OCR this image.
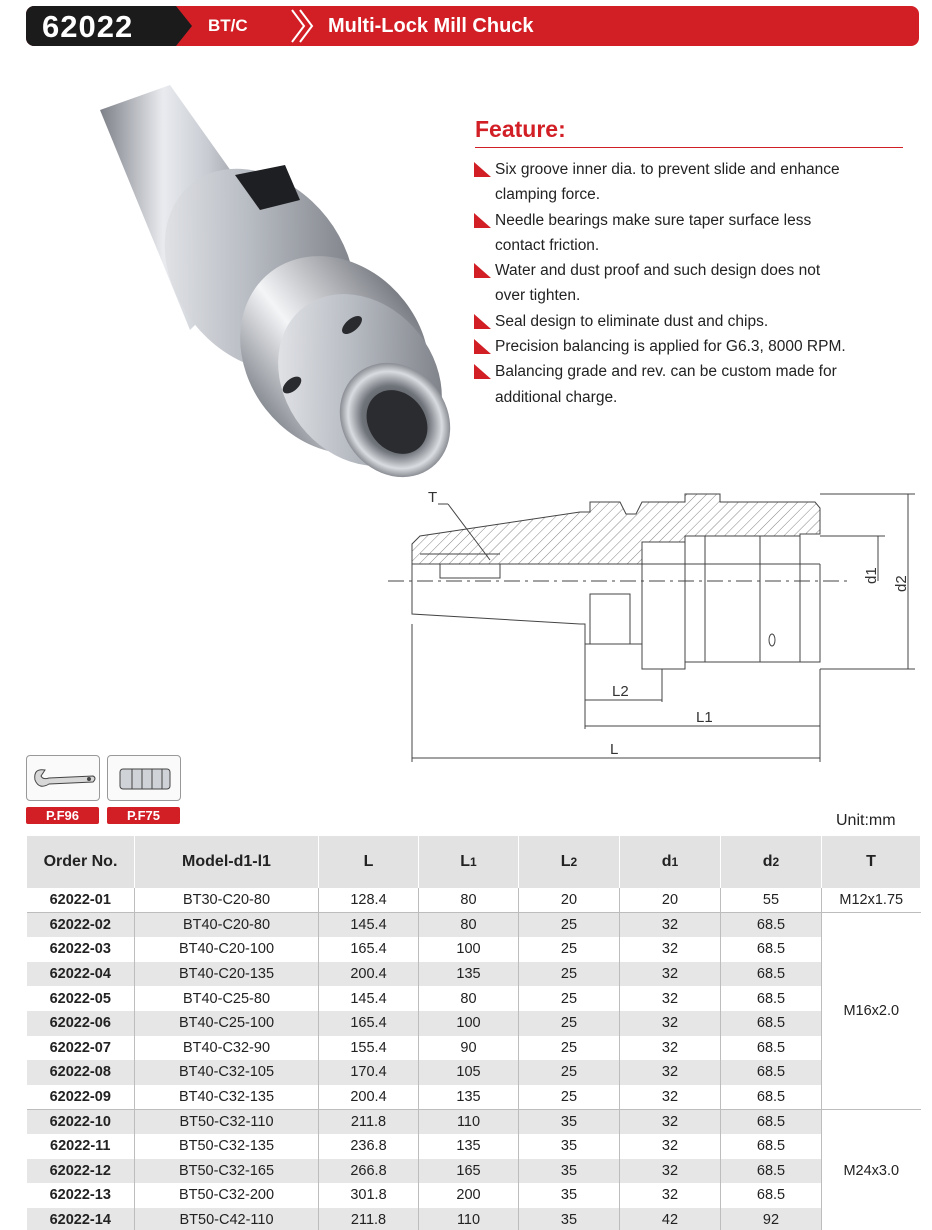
62022	BT/C	Multi-Lock Mill Chuck
Feature:
Six groove inner dia. to prevent slide and enhance
clamping force.
Needle bearings make sure taper surface less
contact friction.
Water and dust proof and such design does not
over tighten.
Seal design to eliminate dust and chips.
Precision balancing is applied for G6.3, 8000 RPM.
Balancing grade and rev. can be custom made for
additional charge.
T
L2
L1
L
d1 d2
P.F96	P.F75	Unit:mm
Order No.	Model-d1-l1	L	L1	L2	d1	d2	T
62022-01	BT30-C20-80	128.4	80	20	20	55	M12x1.75
62022-02	BT40-C20-80	145.4	80	25	32	68.5	M16x2.0
62022-03	BT40-C20-100	165.4	100	25	32	68.5	
62022-04	BT40-C20-135	200.4	135	25	32	68.5	
62022-05	BT40-C25-80	145.4	80	25	32	68.5	
62022-06	BT40-C25-100	165.4	100	25	32	68.5	
62022-07	BT40-C32-90	155.4	90	25	32	68.5	
62022-08	BT40-C32-105	170.4	105	25	32	68.5	
62022-09	BT40-C32-135	200.4	135	25	32	68.5	
62022-10	BT50-C32-110	211.8	110	35	32	68.5	M24x3.0
62022-11	BT50-C32-135	236.8	135	35	32	68.5	
62022-12	BT50-C32-165	266.8	165	35	32	68.5	
62022-13	BT50-C32-200	301.8	200	35	32	68.5	
62022-14	BT50-C42-110	211.8	110	35	42	92	
